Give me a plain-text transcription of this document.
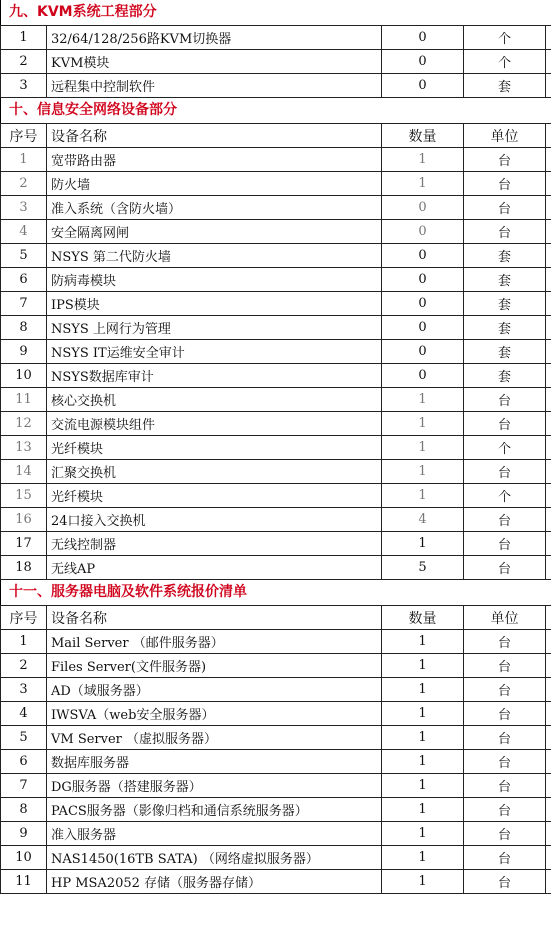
九、KVM系统工程部分
1	32/64/128/256路KVM切换器	0	个	
2	KVM模块	0	个	
3	远程集中控制软件	0	套	
十、信息安全网络设备部分
序号	设备名称	数量	单位	
1	宽带路由器	1	台	
2	防火墙	1	台	
3	准入系统（含防火墙）	0	台	
4	安全隔离网闸	0	台	
5	NSYS 第二代防火墙	0	套	
6	防病毒模块	0	套	
7	IPS模块	0	套	
8	NSYS 上网行为管理	0	套	
9	NSYS IT运维安全审计	0	套	
10	NSYS数据库审计	0	套	
11	核心交换机	1	台	
12	交流电源模块组件	1	台	
13	光纤模块	1	个	
14	汇聚交换机	1	台	
15	光纤模块	1	个	
16	24口接入交换机	4	台	
17	无线控制器	1	台	
18	无线AP	5	台	
十一、服务器电脑及软件系统报价清单
序号	设备名称	数量	单位	
1	Mail Server （邮件服务器）	1	台	
2	Files Server(文件服务器)	1	台	
3	AD（域服务器）	1	台	
4	IWSVA（web安全服务器）	1	台	
5	VM Server （虚拟服务器）	1	台	
6	数据库服务器	1	台	
7	DG服务器（搭建服务器）	1	台	
8	PACS服务器（影像归档和通信系统服务器）	1	台	
9	准入服务器	1	台	
10	NAS1450(16TB SATA) （网络虚拟服务器）	1	台	
11	HP MSA2052 存储（服务器存储）	1	台	
